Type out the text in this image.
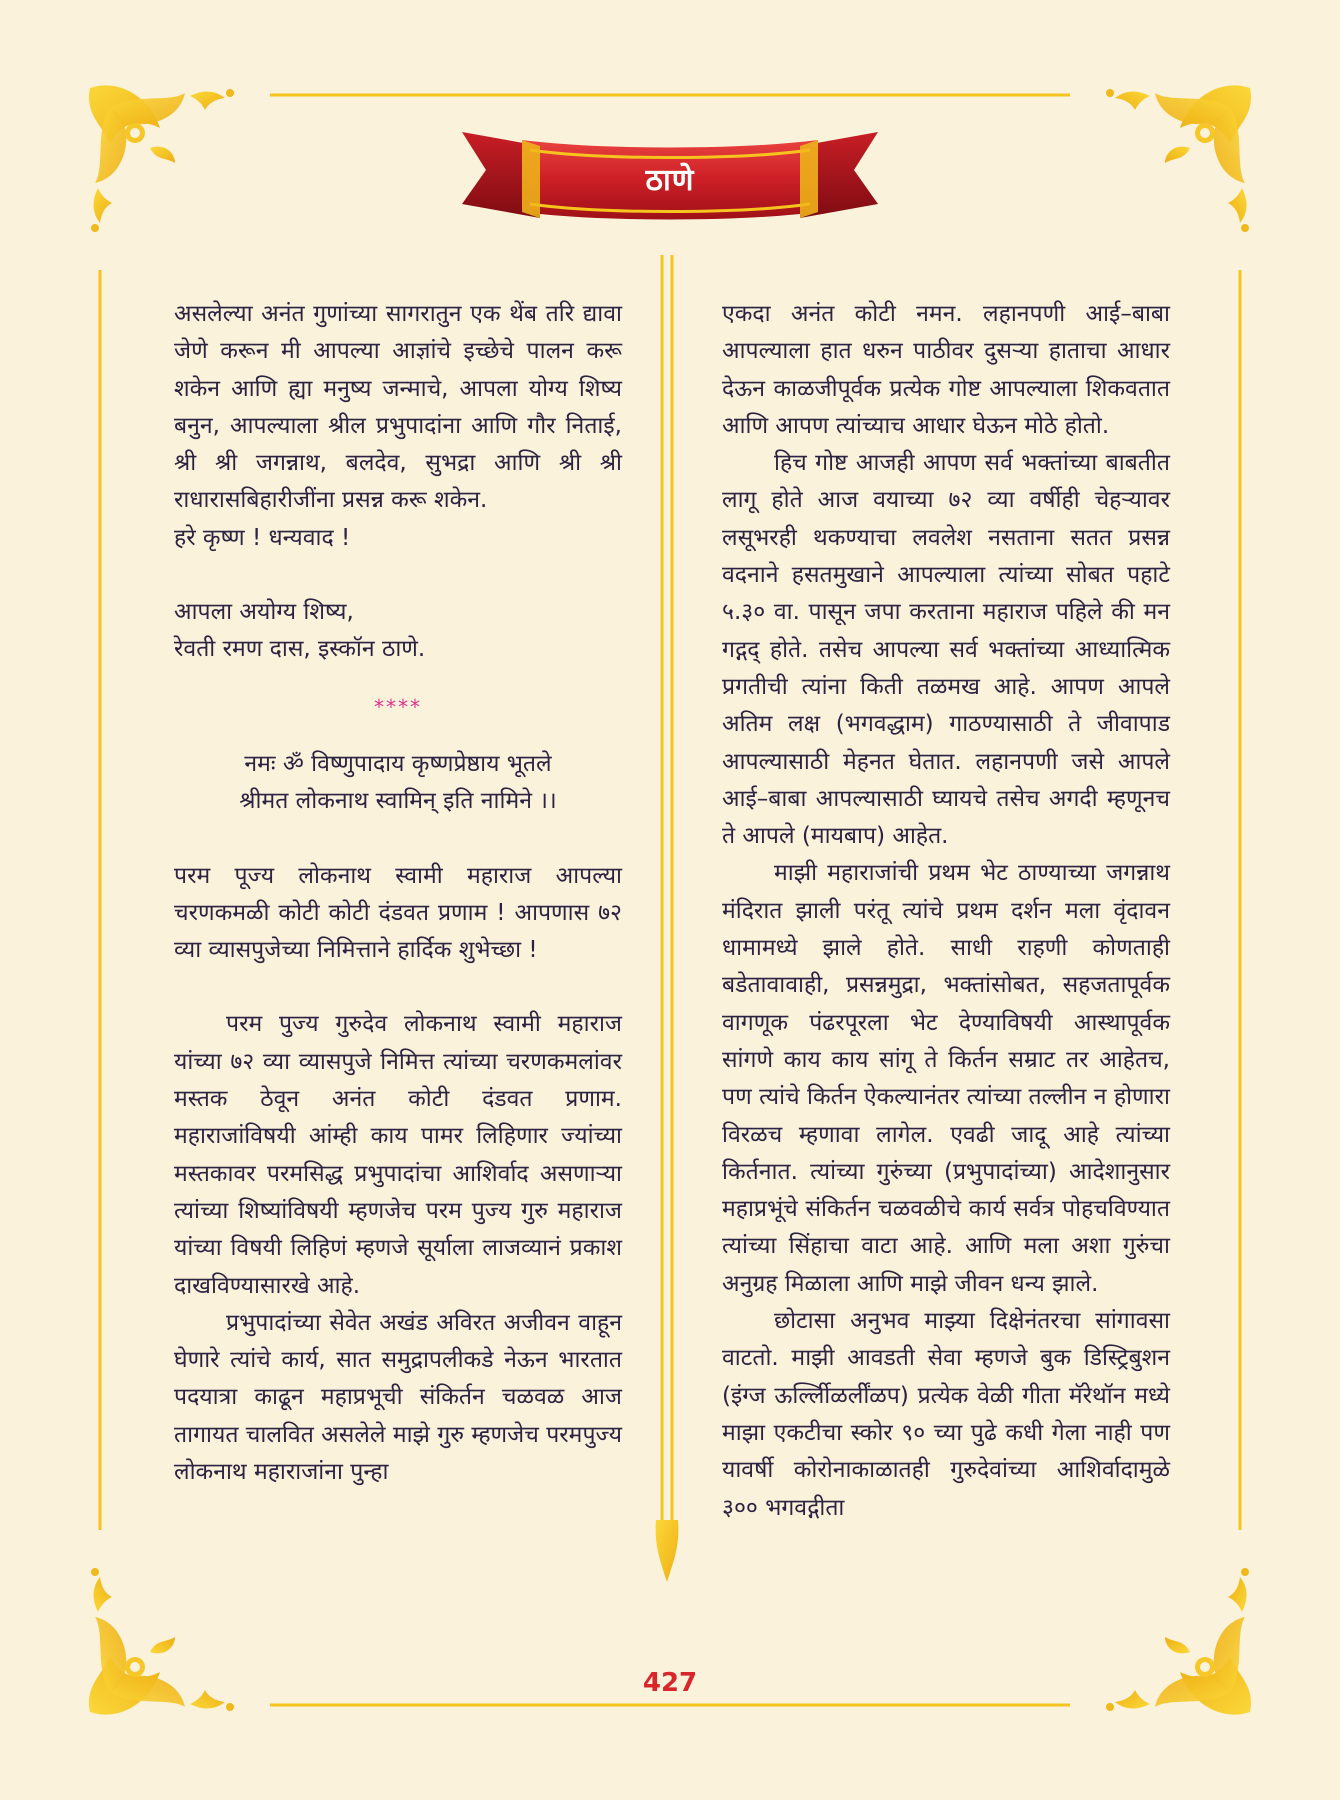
ठाणे

असलेल्या अनंत गुणांच्या सागरातुन एक थेंब तरि द्यावा जेणे करून मी आपल्या आज्ञांचे इच्छेचे पालन करू शकेन आणि ह्या मनुष्य जन्माचे, आपला योग्य शिष्य बनुन, आपल्याला श्रील प्रभुपादांना आणि गौर निताई, श्री श्री जगन्नाथ, बलदेव, सुभद्रा आणि श्री श्री राधारासबिहारीजींना प्रसन्न करू शकेन.

हरे कृष्ण ! धन्यवाद !

आपला अयोग्य शिष्य,

रेवती रमण दास, इस्कॉन ठाणे.

****

नमः ॐ विष्णुपादाय कृष्णप्रेष्ठाय भूतले

श्रीमत लोकनाथ स्वामिन् इति नामिने ।।

परम पूज्य लोकनाथ स्वामी महाराज आपल्या चरणकमळी कोटी कोटी दंडवत प्रणाम ! आपणास ७२ व्या व्यासपुजेच्या निमित्ताने हार्दिक शुभेच्छा !

परम पुज्य गुरुदेव लोकनाथ स्वामी महाराज यांच्या ७२ व्या व्यासपुजे निमित्त त्यांच्या चरणकमलांवर मस्तक ठेवून अनंत कोटी दंडवत प्रणाम. महाराजांविषयी आंम्ही काय पामर लिहिणार ज्यांच्या मस्तकावर परमसिद्ध प्रभुपादांचा आशिर्वाद असणाऱ्या त्यांच्या शिष्यांविषयी म्हणजेच परम पुज्य गुरु महाराज यांच्या विषयी लिहिणं म्हणजे सूर्याला लाजव्यानं प्रकाश दाखविण्यासारखे आहे.

प्रभुपादांच्या सेवेत अखंड अविरत अजीवन वाहून घेणारे त्यांचे कार्य, सात समुद्रापलीकडे नेऊन भारतात पदयात्रा काढून महाप्रभूची संकिर्तन चळवळ आज तागायत चालवित असलेले माझे गुरु म्हणजेच परमपुज्य लोकनाथ महाराजांना पुन्हा

एकदा अनंत कोटी नमन. लहानपणी आई–बाबा आपल्याला हात धरुन पाठीवर दुसऱ्या हाताचा आधार देऊन काळजीपूर्वक प्रत्येक गोष्ट आपल्याला शिकवतात आणि आपण त्यांच्याच आधार घेऊन मोठे होतो.

हिच गोष्ट आजही आपण सर्व भक्तांच्या बाबतीत लागू होते आज वयाच्या ७२ व्या वर्षीही चेहऱ्यावर लसूभरही थकण्याचा लवलेश नसताना सतत प्रसन्न वदनाने हसतमुखाने आपल्याला त्यांच्या सोबत पहाटे ५.३० वा. पासून जपा करताना महाराज पहिले की मन गद्गद् होते. तसेच आपल्या सर्व भक्तांच्या आध्यात्मिक प्रगतीची त्यांना किती तळमख आहे. आपण आपले अतिम लक्ष (भगवद्धाम) गाठण्यासाठी ते जीवापाड आपल्यासाठी मेहनत घेतात. लहानपणी जसे आपले आई–बाबा आपल्यासाठी घ्यायचे तसेच अगदी म्हणूनच ते आपले (मायबाप) आहेत.

माझी महाराजांची प्रथम भेट ठाण्याच्या जगन्नाथ मंदिरात झाली परंतू त्यांचे प्रथम दर्शन मला वृंदावन धामामध्ये झाले होते. साधी राहणी कोणताही बडेतावावाही, प्रसन्नमुद्रा, भक्तांसोबत, सहजतापूर्वक वागणूक पंढरपूरला भेट देण्याविषयी आस्थापूर्वक सांगणे काय काय सांगू ते किर्तन सम्राट तर आहेतच, पण त्यांचे किर्तन ऐकल्यानंतर त्यांच्या तल्लीन न होणारा विरळच म्हणावा लागेल. एवढी जादू आहे त्यांच्या किर्तनात. त्यांच्या गुरुंच्या (प्रभुपादांच्या) आदेशानुसार महाप्रभूंचे संकिर्तन चळवळीचे कार्य सर्वत्र पोहचविण्यात त्यांच्या सिंहाचा वाटा आहे. आणि मला अशा गुरुंचा अनुग्रह मिळाला आणि माझे जीवन धन्य झाले.

छोटासा अनुभव माझ्या दिक्षेनंतरचा सांगावसा वाटतो. माझी आवडती सेवा म्हणजे बुक डिस्ट्रिबुशन (इंग्ज ऊर्ल्लीिळर्लीेंळप) प्रत्येक वेळी गीता मॅरेथॉन मध्ये माझा एकटीचा स्कोर ९० च्या पुढे कधी गेला नाही पण यावर्षी कोरोनाकाळातही गुरुदेवांच्या आशिर्वादामुळे ३०० भगवद्गीता

427
